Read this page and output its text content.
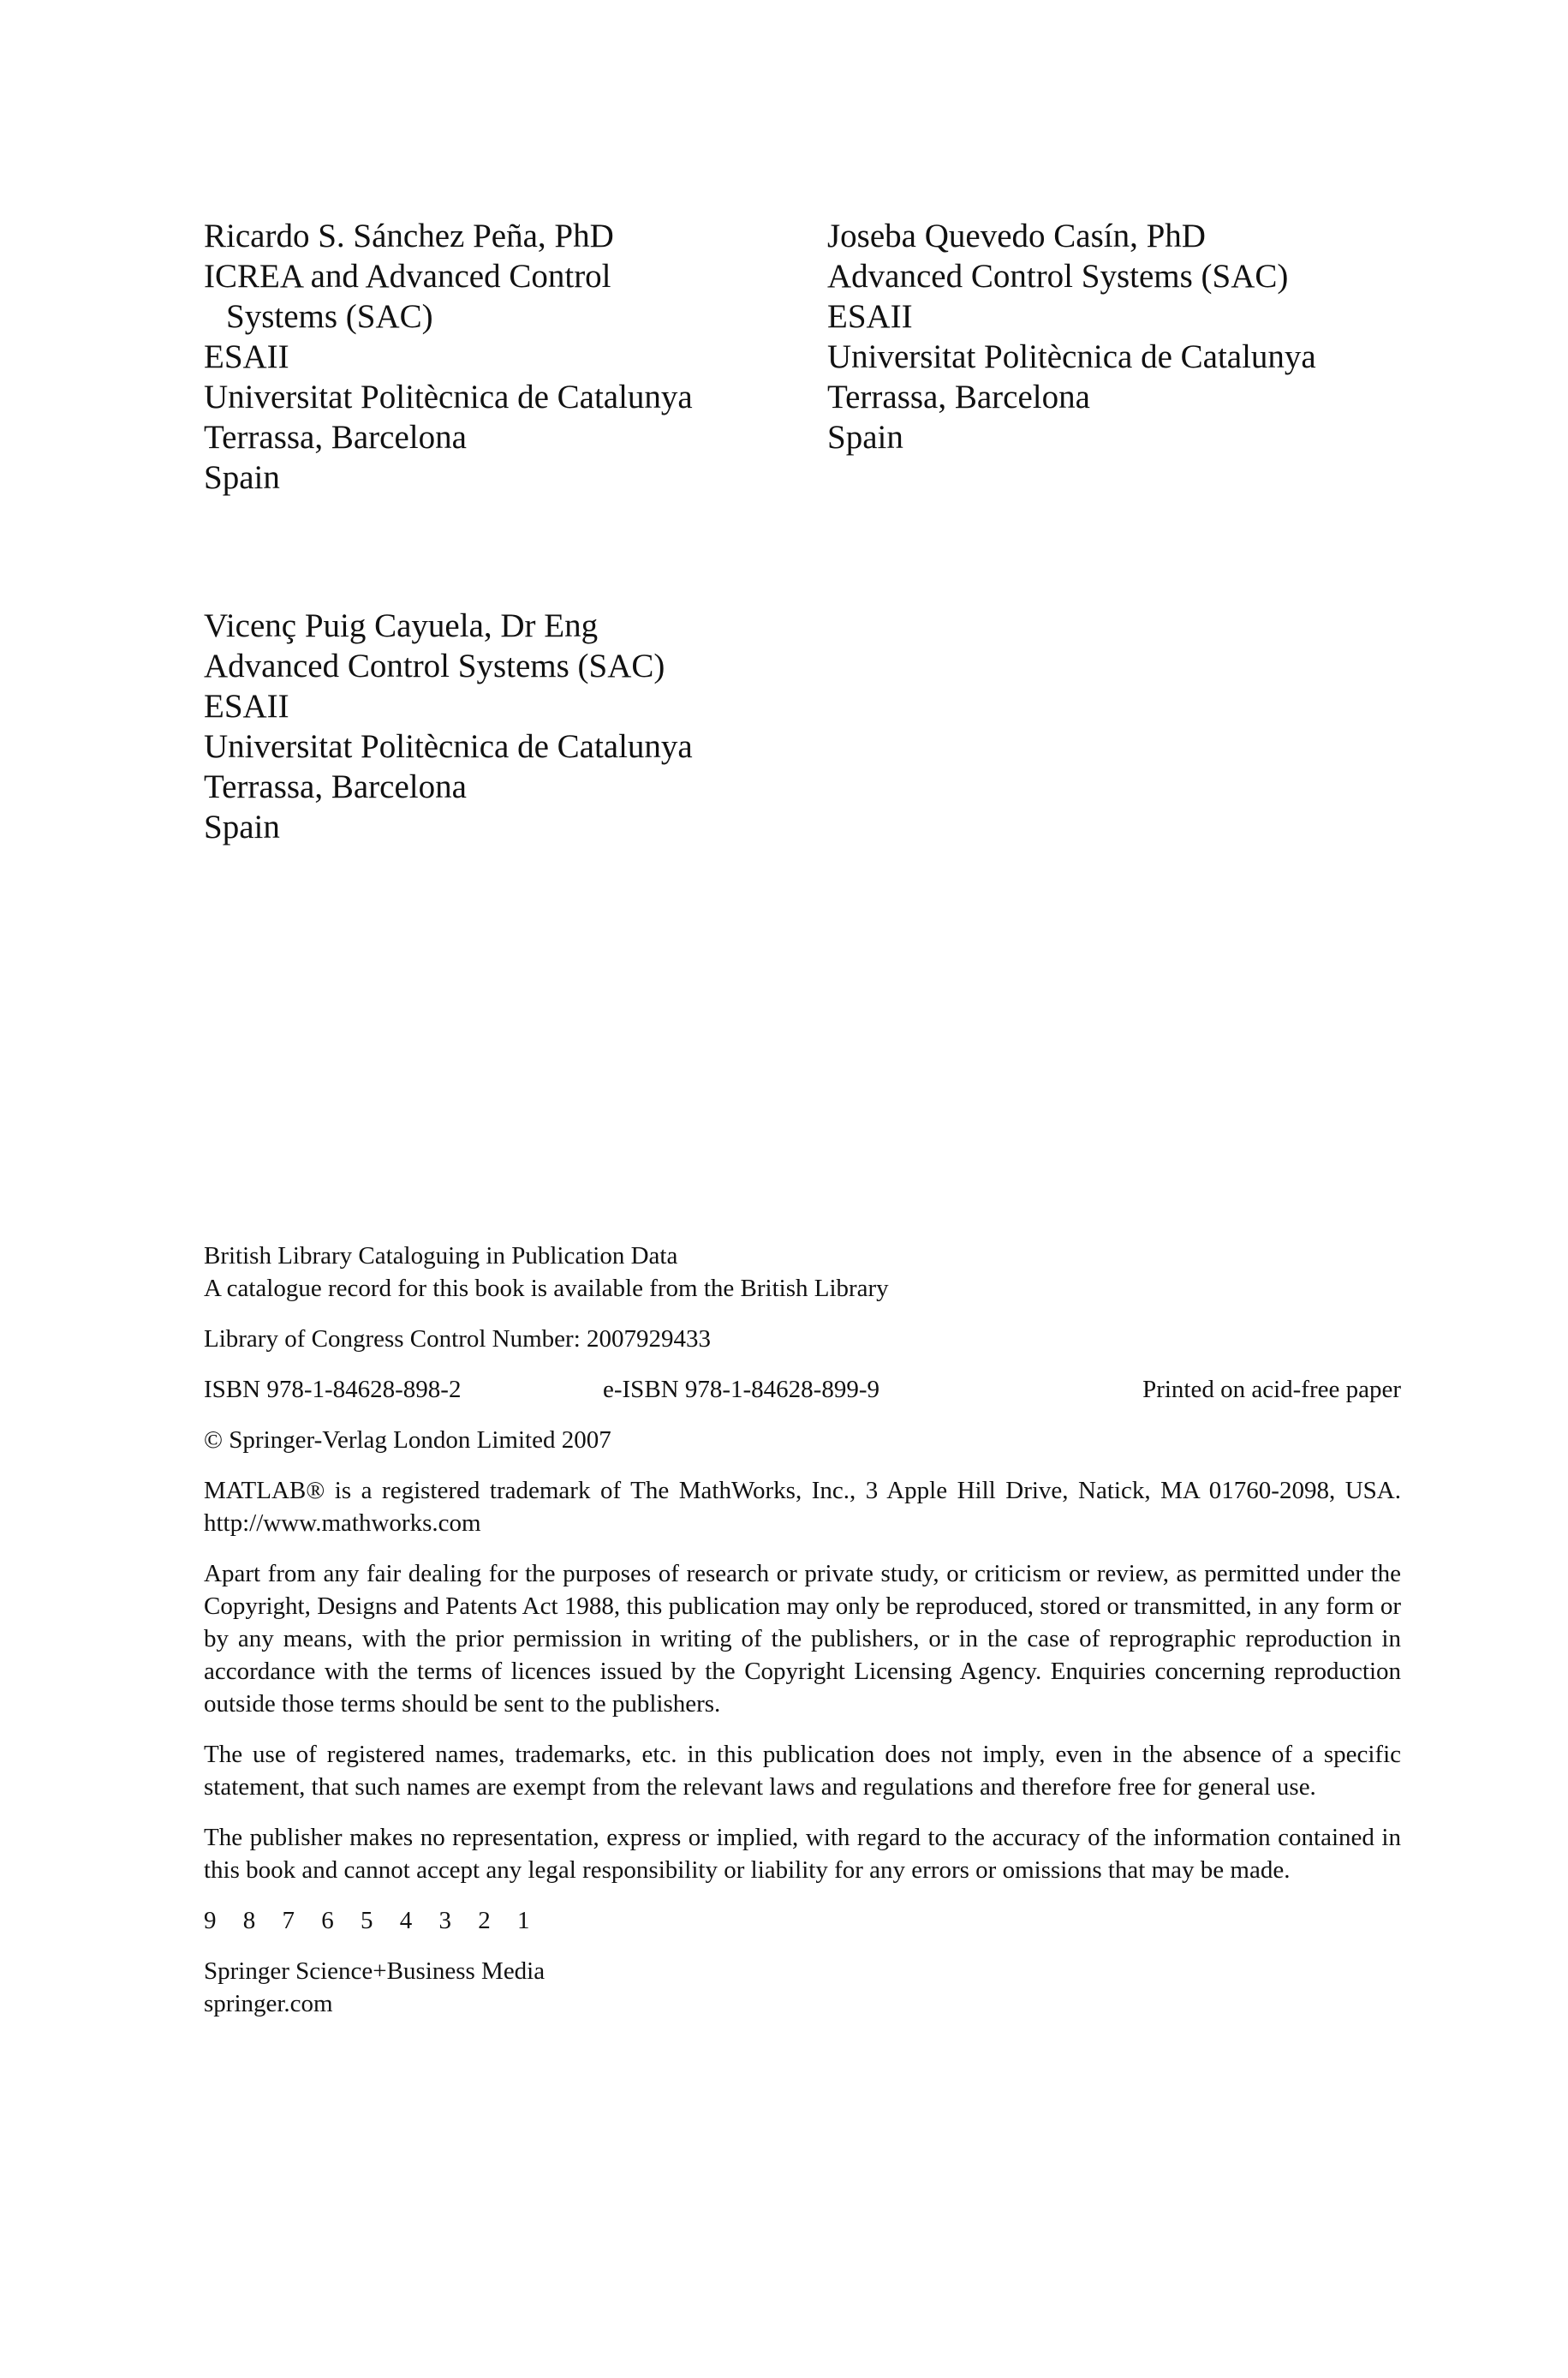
Ricardo S. Sánchez Peña, PhD
ICREA and Advanced Control
Systems (SAC)
ESAII
Universitat Politècnica de Catalunya
Terrassa, Barcelona
Spain
Joseba Quevedo Casín, PhD
Advanced Control Systems (SAC)
ESAII
Universitat Politècnica de Catalunya
Terrassa, Barcelona
Spain
Vicenç Puig Cayuela, Dr Eng
Advanced Control Systems (SAC)
ESAII
Universitat Politècnica de Catalunya
Terrassa, Barcelona
Spain
British Library Cataloguing in Publication Data
A catalogue record for this book is available from the British Library
Library of Congress Control Number: 2007929433
ISBN 978-1-84628-898-2	e-ISBN 978-1-84628-899-9	Printed on acid-free paper
© Springer-Verlag London Limited 2007

MATLAB® is a registered trademark of The MathWorks, Inc., 3 Apple Hill Drive, Natick, MA 01760-2098, USA. http://www.mathworks.com

Apart from any fair dealing for the purposes of research or private study, or criticism or review, as permitted under the Copyright, Designs and Patents Act 1988, this publication may only be reproduced, stored or transmitted, in any form or by any means, with the prior permission in writing of the publishers, or in the case of reprographic reproduction in accordance with the terms of licences issued by the Copyright Licensing Agency. Enquiries concerning reproduction outside those terms should be sent to the publishers.

The use of registered names, trademarks, etc. in this publication does not imply, even in the absence of a specific statement, that such names are exempt from the relevant laws and regulations and therefore free for general use.

The publisher makes no representation, express or implied, with regard to the accuracy of the information contained in this book and cannot accept any legal responsibility or liability for any errors or omissions that may be made.

9 8 7 6 5 4 3 2 1
Springer Science+Business Media
springer.com
